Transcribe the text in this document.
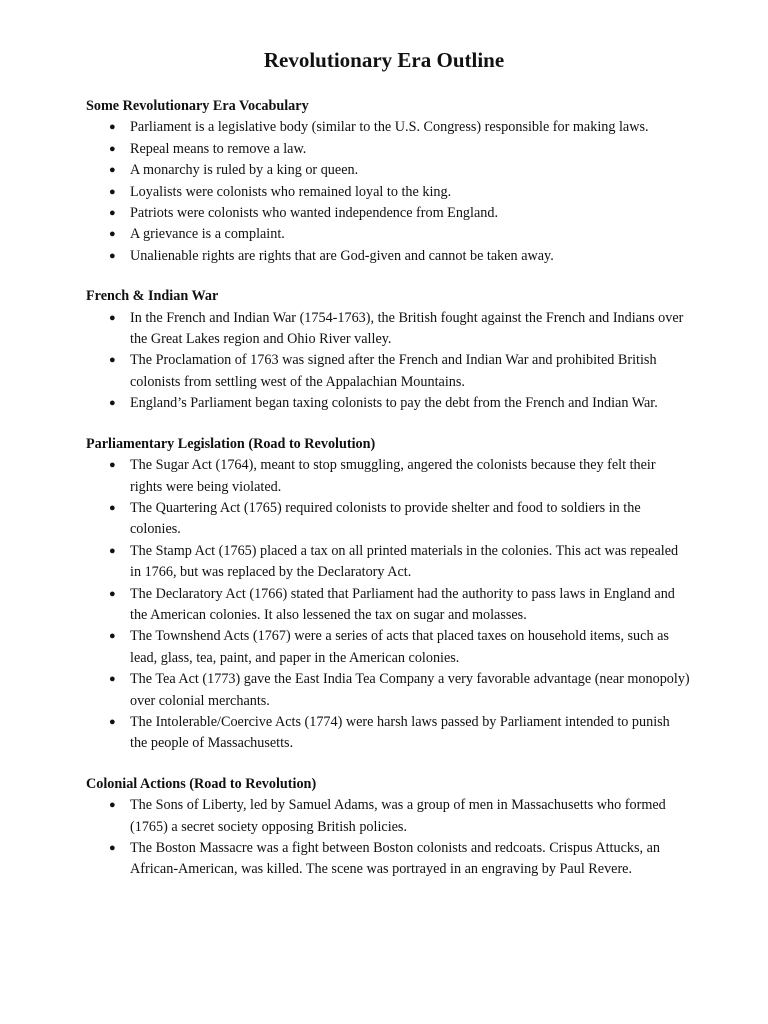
Revolutionary Era Outline
Some Revolutionary Era Vocabulary
● Parliament is a legislative body (similar to the U.S. Congress) responsible for making laws.
● Repeal means to remove a law.
● A monarchy is ruled by a king or queen.
● Loyalists were colonists who remained loyal to the king.
● Patriots were colonists who wanted independence from England.
● A grievance is a complaint.
● Unalienable rights are rights that are God-given and cannot be taken away.
French & Indian War
● In the French and Indian War (1754-1763), the British fought against the French and Indians over the Great Lakes region and Ohio River valley.
● The Proclamation of 1763 was signed after the French and Indian War and prohibited British colonists from settling west of the Appalachian Mountains.
● England’s Parliament began taxing colonists to pay the debt from the French and Indian War.
Parliamentary Legislation (Road to Revolution)
● The Sugar Act (1764), meant to stop smuggling, angered the colonists because they felt their rights were being violated.
● The Quartering Act (1765) required colonists to provide shelter and food to soldiers in the colonies.
● The Stamp Act (1765) placed a tax on all printed materials in the colonies. This act was repealed in 1766, but was replaced by the Declaratory Act.
● The Declaratory Act (1766) stated that Parliament had the authority to pass laws in England and the American colonies. It also lessened the tax on sugar and molasses.
● The Townshend Acts (1767) were a series of acts that placed taxes on household items, such as lead, glass, tea, paint, and paper in the American colonies.
● The Tea Act (1773) gave the East India Tea Company a very favorable advantage (near monopoly) over colonial merchants.
● The Intolerable/Coercive Acts (1774) were harsh laws passed by Parliament intended to punish the people of Massachusetts.
Colonial Actions (Road to Revolution)
● The Sons of Liberty, led by Samuel Adams, was a group of men in Massachusetts who formed (1765) a secret society opposing British policies.
● The Boston Massacre was a fight between Boston colonists and redcoats. Crispus Attucks, an African-American, was killed. The scene was portrayed in an engraving by Paul Revere.
